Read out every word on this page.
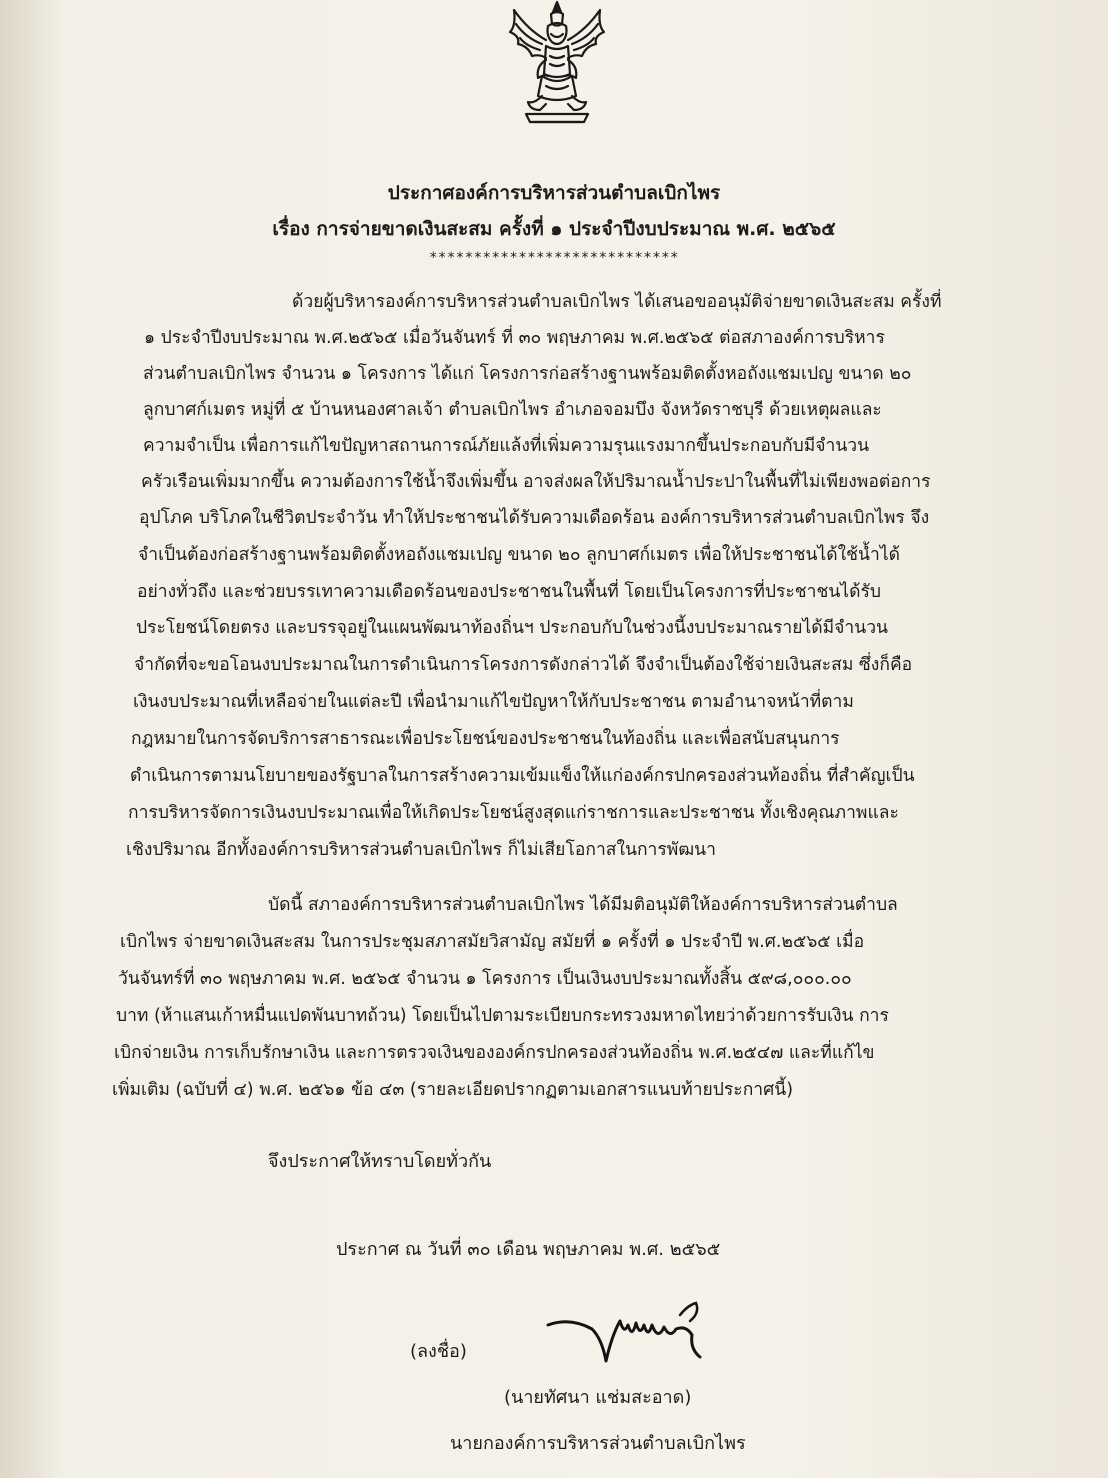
ประกาศองค์การบริหารส่วนตำบลเบิกไพร
เรื่อง การจ่ายขาดเงินสะสม ครั้งที่ ๑ ประจำปีงบประมาณ พ.ศ. ๒๕๖๕
****************************
ด้วยผู้บริหารองค์การบริหารส่วนตำบลเบิกไพร ได้เสนอขออนุมัติจ่ายขาดเงินสะสม ครั้งที่
๑ ประจำปีงบประมาณ พ.ศ.๒๕๖๕ เมื่อวันจันทร์ ที่ ๓๐ พฤษภาคม พ.ศ.๒๕๖๕ ต่อสภาองค์การบริหาร
ส่วนตำบลเบิกไพร จำนวน ๑ โครงการ ได้แก่ โครงการก่อสร้างฐานพร้อมติดตั้งหอถังแชมเปญ ขนาด ๒๐
ลูกบาศก์เมตร หมู่ที่ ๕ บ้านหนองศาลเจ้า ตำบลเบิกไพร อำเภอจอมบึง จังหวัดราชบุรี ด้วยเหตุผลและ
ความจำเป็น เพื่อการแก้ไขปัญหาสถานการณ์ภัยแล้งที่เพิ่มความรุนแรงมากขึ้นประกอบกับมีจำนวน
ครัวเรือนเพิ่มมากขึ้น ความต้องการใช้น้ำจึงเพิ่มขึ้น อาจส่งผลให้ปริมาณน้ำประปาในพื้นที่ไม่เพียงพอต่อการ
อุปโภค บริโภคในชีวิตประจำวัน ทำให้ประชาชนได้รับความเดือดร้อน องค์การบริหารส่วนตำบลเบิกไพร จึง
จำเป็นต้องก่อสร้างฐานพร้อมติดตั้งหอถังแชมเปญ ขนาด ๒๐ ลูกบาศก์เมตร เพื่อให้ประชาชนได้ใช้น้ำได้
อย่างทั่วถึง และช่วยบรรเทาความเดือดร้อนของประชาชนในพื้นที่ โดยเป็นโครงการที่ประชาชนได้รับ
ประโยชน์โดยตรง และบรรจุอยู่ในแผนพัฒนาท้องถิ่นฯ ประกอบกับในช่วงนี้งบประมาณรายได้มีจำนวน
จำกัดที่จะขอโอนงบประมาณในการดำเนินการโครงการดังกล่าวได้ จึงจำเป็นต้องใช้จ่ายเงินสะสม ซึ่งก็คือ
เงินงบประมาณที่เหลือจ่ายในแต่ละปี เพื่อนำมาแก้ไขปัญหาให้กับประชาชน ตามอำนาจหน้าที่ตาม
กฎหมายในการจัดบริการสาธารณะเพื่อประโยชน์ของประชาชนในท้องถิ่น และเพื่อสนับสนุนการ
ดำเนินการตามนโยบายของรัฐบาลในการสร้างความเข้มแข็งให้แก่องค์กรปกครองส่วนท้องถิ่น ที่สำคัญเป็น
การบริหารจัดการเงินงบประมาณเพื่อให้เกิดประโยชน์สูงสุดแก่ราชการและประชาชน ทั้งเชิงคุณภาพและ
เชิงปริมาณ อีกทั้งองค์การบริหารส่วนตำบลเบิกไพร ก็ไม่เสียโอกาสในการพัฒนา
บัดนี้ สภาองค์การบริหารส่วนตำบลเบิกไพร ได้มีมติอนุมัติให้องค์การบริหารส่วนตำบล
เบิกไพร จ่ายขาดเงินสะสม ในการประชุมสภาสมัยวิสามัญ สมัยที่ ๑ ครั้งที่ ๑ ประจำปี พ.ศ.๒๕๖๕ เมื่อ
วันจันทร์ที่ ๓๐ พฤษภาคม พ.ศ. ๒๕๖๕ จำนวน ๑ โครงการ เป็นเงินงบประมาณทั้งสิ้น ๕๙๘,๐๐๐.๐๐
บาท (ห้าแสนเก้าหมื่นแปดพันบาทถ้วน) โดยเป็นไปตามระเบียบกระทรวงมหาดไทยว่าด้วยการรับเงิน การ
เบิกจ่ายเงิน การเก็บรักษาเงิน และการตรวจเงินขององค์กรปกครองส่วนท้องถิ่น พ.ศ.๒๕๔๗ และที่แก้ไข
เพิ่มเติม (ฉบับที่ ๔) พ.ศ. ๒๕๖๑ ข้อ ๔๓ (รายละเอียดปรากฏตามเอกสารแนบท้ายประกาศนี้)
จึงประกาศให้ทราบโดยทั่วกัน
ประกาศ ณ วันที่ ๓๐ เดือน พฤษภาคม พ.ศ. ๒๕๖๕
(ลงชื่อ)
(นายทัศนา แช่มสะอาด)
นายกองค์การบริหารส่วนตำบลเบิกไพร
